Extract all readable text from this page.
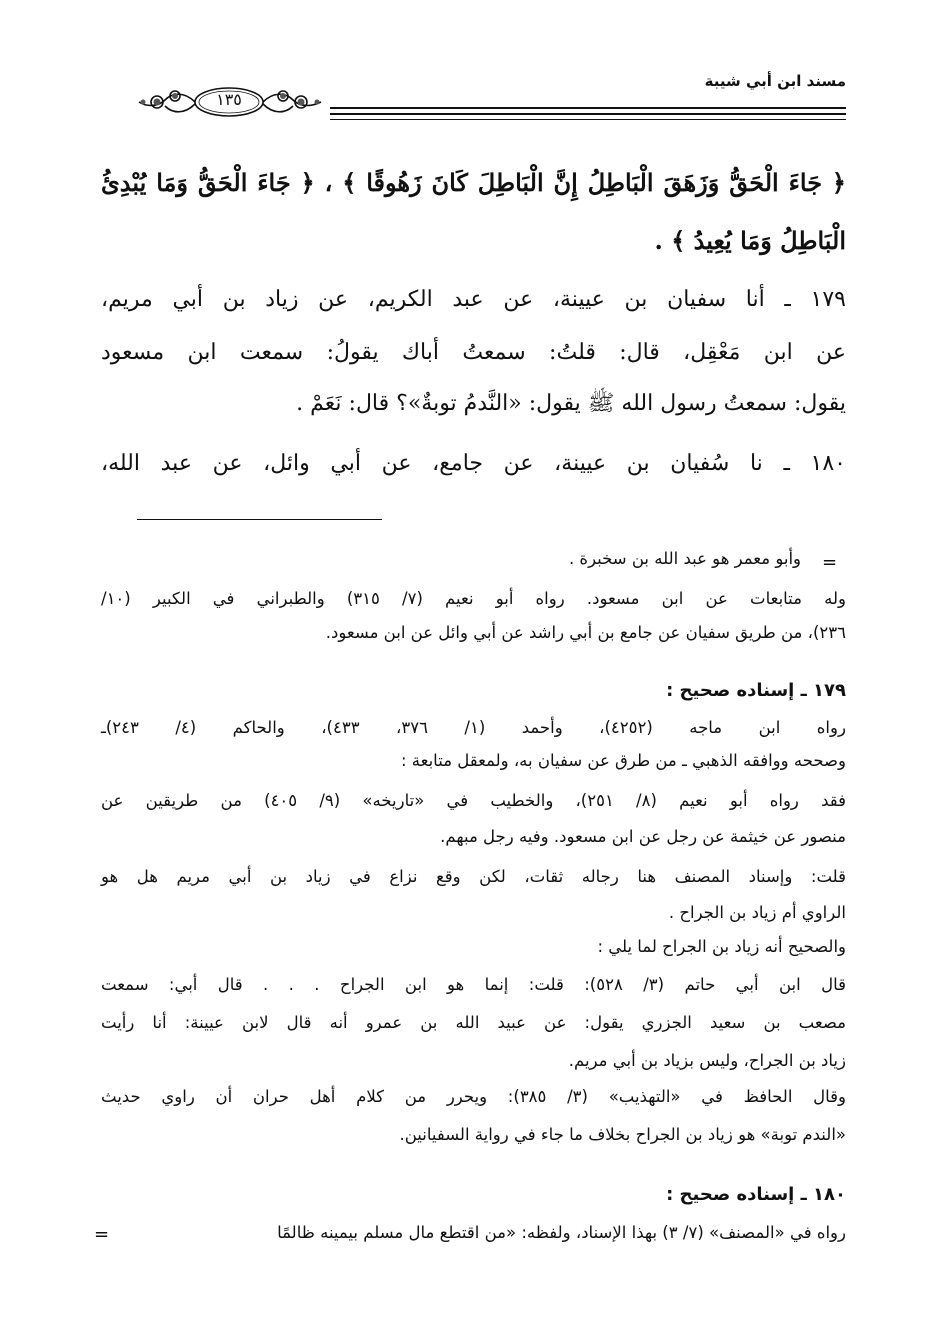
مسند ابن أبي شيبة
١٣٥
﴿ جَاءَ الْحَقُّ وَزَهَقَ الْبَاطِلُ إِنَّ الْبَاطِلَ كَانَ زَهُوقًا ﴾ ، ﴿ جَاءَ الْحَقُّ وَمَا يُبْدِئُ
الْبَاطِلُ وَمَا يُعِيدُ ﴾ .
١٧٩ ـ أنا سفيان بن عيينة، عن عبد الكريم، عن زياد بن أبي مريم،
عن ابن مَعْقِل، قال: قلتُ: سمعتُ أباك يقولُ: سمعت ابن مسعود
يقول: سمعتُ رسول الله ﷺ يقول: «النَّدمُ توبةٌ»؟ قال: نَعَمْ .
١٨٠ ـ نا سُفيان بن عيينة، عن جامع، عن أبي وائل، عن عبد الله،
=
وأبو معمر هو عبد الله بن سخبرة .
وله متابعات عن ابن مسعود. رواه أبو نعيم (٧/ ٣١٥) والطبراني في الكبير (١٠/
٢٣٦)، من طريق سفيان عن جامع بن أبي راشد عن أبي وائل عن ابن مسعود.
١٧٩ ـ إسناده صحيح :
رواه ابن ماجه (٤٢٥٢)، وأحمد (١/ ٣٧٦، ٤٣٣)، والحاكم (٤/ ٢٤٣)ـ
وصححه ووافقه الذهبي ـ من طرق عن سفيان به، ولمعقل متابعة :
فقد رواه أبو نعيم (٨/ ٢٥١)، والخطيب في «تاريخه» (٩/ ٤٠٥) من طريقين عن
منصور عن خيثمة عن رجل عن ابن مسعود. وفيه رجل مبهم.
قلت: وإسناد المصنف هنا رجاله ثقات، لكن وقع نزاع في زياد بن أبي مريم هل هو
الراوي أم زياد بن الجراح .
والصحيح أنه زياد بن الجراح لما يلي :
قال ابن أبي حاتم (٣/ ٥٢٨): قلت: إنما هو ابن الجراح . . . قال أبي: سمعت
مصعب بن سعيد الجزري يقول: عن عبيد الله بن عمرو أنه قال لابن عيينة: أنا رأيت
زياد بن الجراح، وليس بزياد بن أبي مريم.
وقال الحافظ في «التهذيب» (٣/ ٣٨٥): ويحرر من كلام أهل حران أن راوي حديث
«الندم توبة» هو زياد بن الجراح بخلاف ما جاء في رواية السفيانين.
١٨٠ ـ إسناده صحيح :
رواه في «المصنف» (٧/ ٣) بهذا الإسناد، ولفظه: «من اقتطع مال مسلم بيمينه ظالمًا
=
